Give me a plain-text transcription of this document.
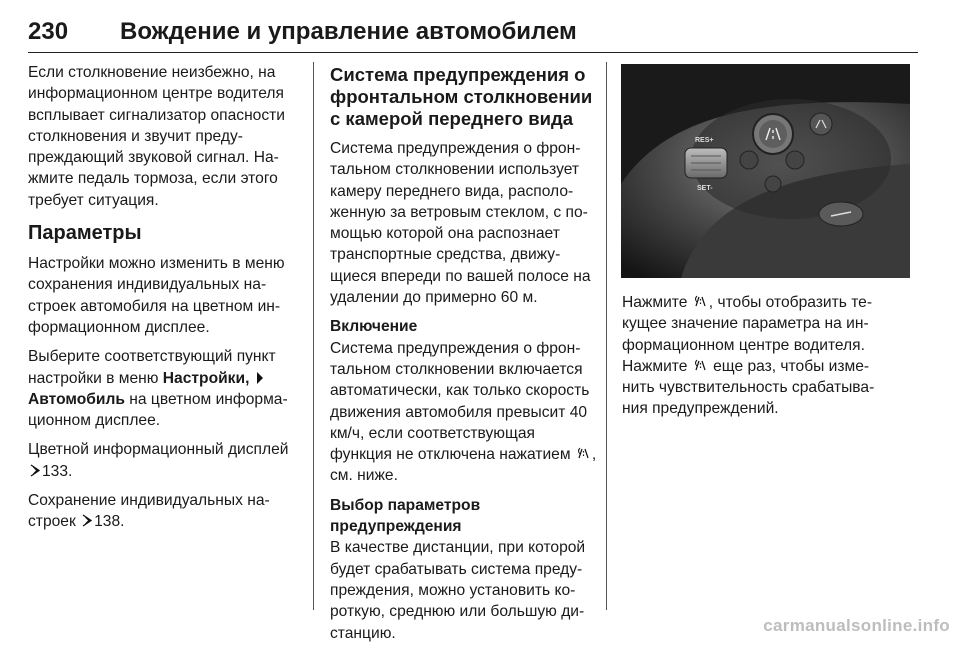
230 Вождение и управление автомобилем

Если столкновение неизбежно, на информационном центре водителя всплывает сигнализатор опасности столкновения и звучит предупреждающий звуковой сигнал. Нажмите педаль тормоза, если этого требует ситуация.

Параметры

Настройки можно изменить в меню сохранения индивидуальных настроек автомобиля на цветном информационном дисплее.

Выберите соответствующий пункт настройки в меню Настройки,
Автомобиль на цветном информационном дисплее.

Цветной информационный дисплей 133.

Сохранение индивидуальных настроек 138.

Система предупреждения о фронтальном столкновении с камерой переднего вида

Система предупреждения о фронтальном столкновении использует камеру переднего вида, расположенную за ветровым стеклом, с помощью которой она распознает транспортные средства, движущиеся впереди по вашей полосе на удалении до примерно 60 м.

Включение

Система предупреждения о фронтальном столкновении включается автоматически, как только скорость движения автомобиля превысит 40 км/ч, если соответствующая функция не отключена нажатием , см. ниже.

Выбор параметров
предупреждения

В качестве дистанции, при которой будет срабатывать система предупреждения, можно установить короткую, среднюю или большую дистанцию.

RES+
SET-

Нажмите , чтобы отобразить текущее значение параметра на информационном центре водителя.

Нажмите  еще раз, чтобы изменить чувствительность срабатывания предупреждений.

carmanualsonline.info
